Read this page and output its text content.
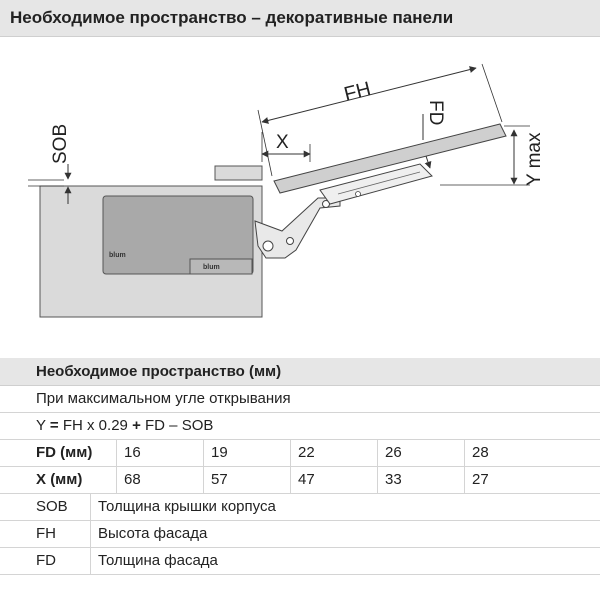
Необходимое пространство – декоративные панели
blum
blum
FH
X
FD
Y max
SOB
Необходимое пространство (мм)
При максимальном угле открывания
Y = FH x 0.29 + FD – SOB
FD (мм) 16	19	22	26	28
X (мм)	68	57	47	33	27
SOB Толщина крышки корпуса
FH	Высота фасада
FD	Толщина фасада
